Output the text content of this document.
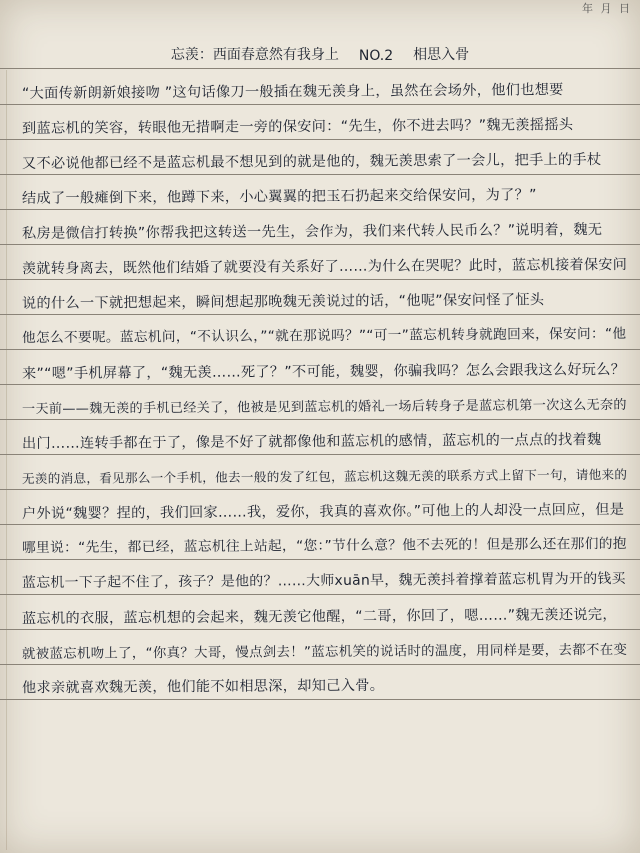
年 月 日
忘羡：西面春意然有我身上 NO.2 相思入骨
“大面传新朗新娘接吻 ”这句话像刀一般插在魏无羡身上，虽然在会场外，他们也想要
到蓝忘机的笑容，转眼他无措啊走一旁的保安问：“先生，你不进去吗？”魏无羡摇摇头
又不必说他都已经不是蓝忘机最不想见到的就是他的，魏无羡思索了一会儿，把手上的手杖
结成了一般瘫倒下来，他蹲下来，小心翼翼的把玉石扔起来交给保安问，为了？”
私房是微信打转换”你帮我把这转送一先生，会作为，我们来代转人民币么？”说明着，魏无
羡就转身离去，既然他们结婚了就要没有关系好了……为什么在哭呢？此时，蓝忘机接着保安问
说的什么一下就把想起来，瞬间想起那晚魏无羡说过的话，“他呢”保安问怪了怔头
他怎么不要呢。蓝忘机问，“不认识么，”“就在那说吗？”“可一”蓝忘机转身就跑回来，保安问：“他
来”“嗯”手机屏幕了，“魏无羡……死了？”不可能，魏婴，你骗我吗？怎么会跟我这么好玩么？
一天前——魏无羡的手机已经关了，他被是见到蓝忘机的婚礼一场后转身子是蓝忘机第一次这么无奈的
出门……连转手都在于了，像是不好了就都像他和蓝忘机的感情，蓝忘机的一点点的找着魏
无羡的消息，看见那么一个手机，他去一般的发了红包，蓝忘机这魏无羡的联系方式上留下一句，请他来的
户外说“魏婴？捏的，我们回家……我，爱你，我真的喜欢你。”可他上的人却没一点回应，但是
哪里说：“先生，都已经，蓝忘机往上站起，“您：”节什么意？他不去死的！但是那么还在那们的抱
蓝忘机一下子起不住了，孩子？是他的？……大师xuān早，魏无羡抖着撑着蓝忘机胃为开的钱买
蓝忘机的衣服，蓝忘机想的会起来，魏无羡它他醒，“二哥，你回了，嗯……”魏无羡还说完，
就被蓝忘机吻上了，“你真？大哥，慢点剑去！”蓝忘机笑的说话时的温度，用同样是要，去都不在变
他求亲就喜欢魏无羡，他们能不如相思深，却知己入骨。
